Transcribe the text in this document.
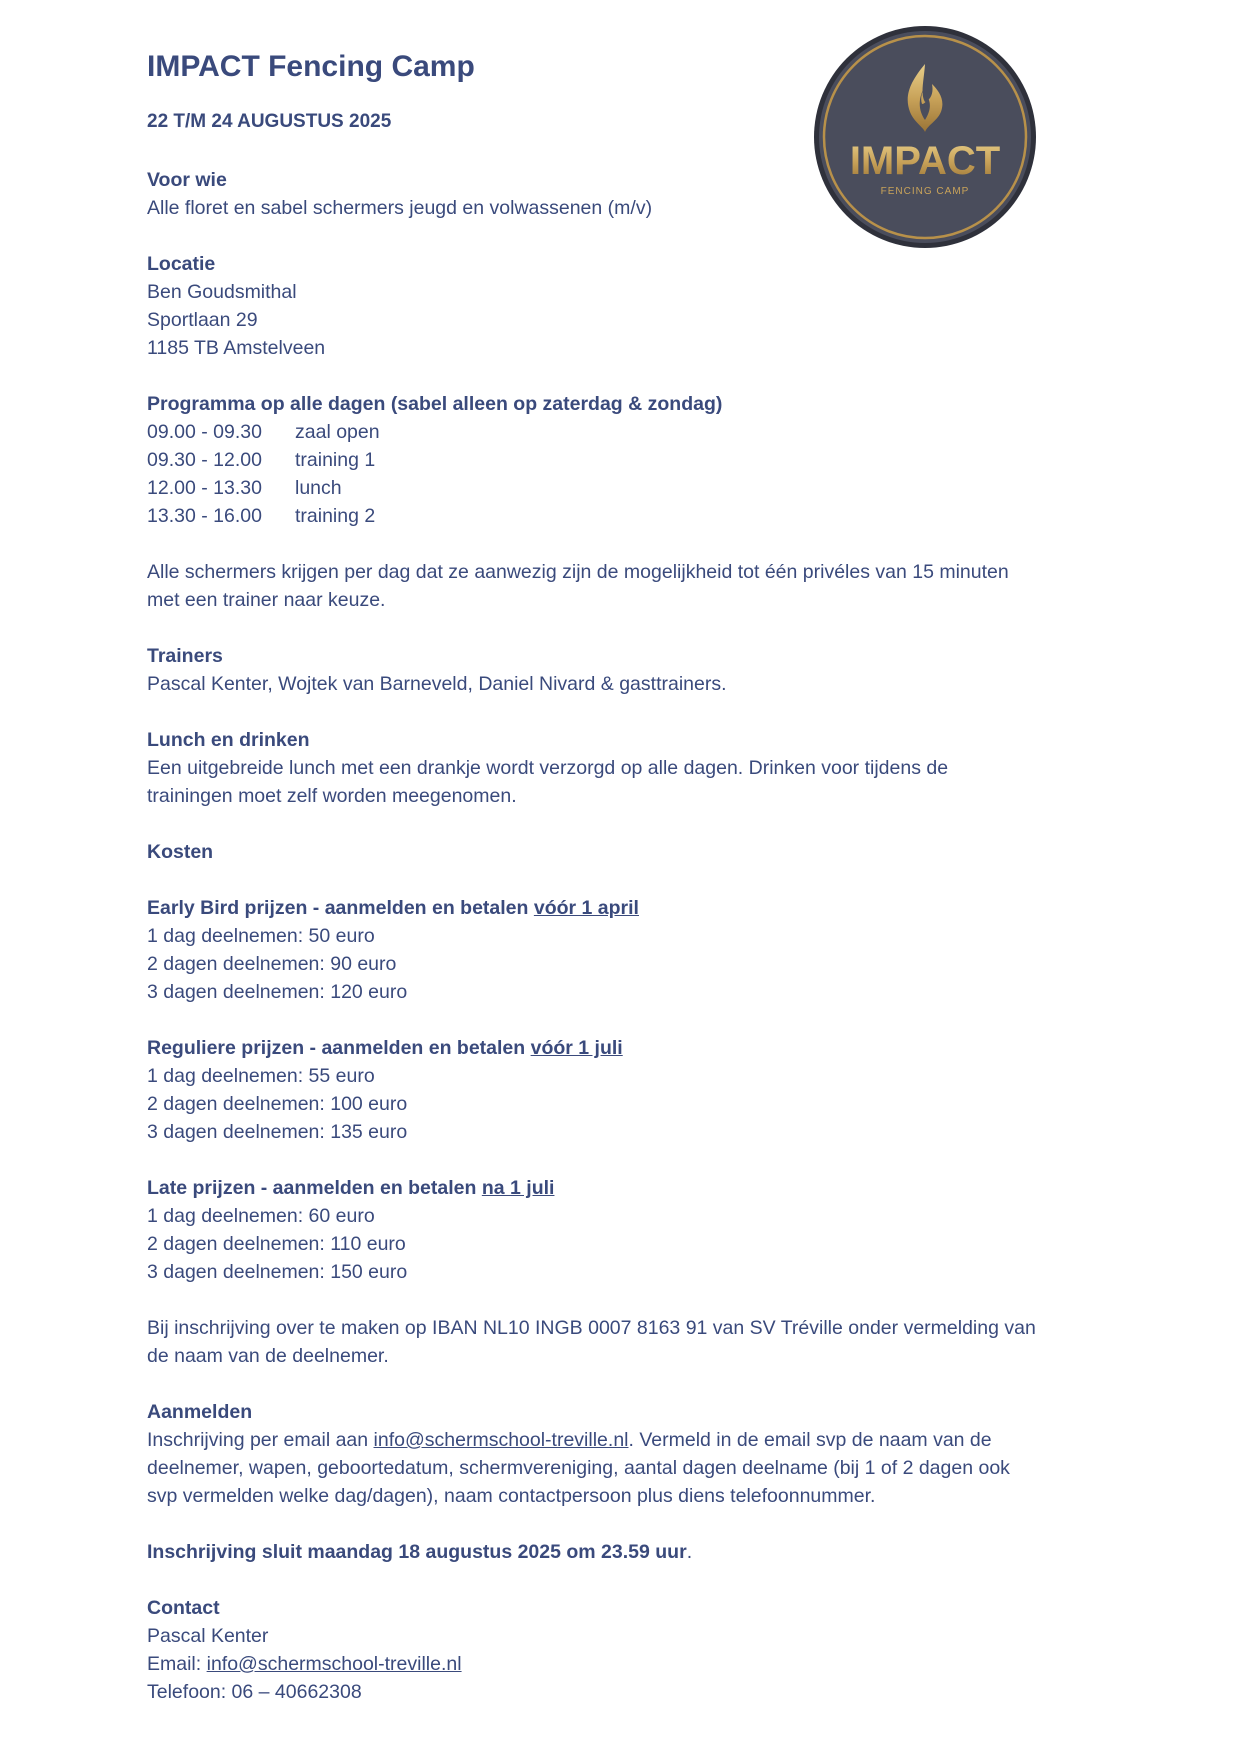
IMPACT Fencing Camp

22 T/M 24 AUGUSTUS 2025

Voor wie

Alle floret en sabel schermers jeugd en volwassenen (m/v)

Locatie

Ben Goudsmithal

Sportlaan 29

1185 TB Amstelveen

Programma op alle dagen (sabel alleen op zaterdag & zondag)

09.00 - 09.30	zaal open
09.30 - 12.00	training 1
12.00 - 13.30	lunch
13.30 - 16.00	training 2

Alle schermers krijgen per dag dat ze aanwezig zijn de mogelijkheid tot één privéles van 15 minuten

met een trainer naar keuze.

Trainers

Pascal Kenter, Wojtek van Barneveld, Daniel Nivard & gasttrainers.

Lunch en drinken

Een uitgebreide lunch met een drankje wordt verzorgd op alle dagen. Drinken voor tijdens de

trainingen moet zelf worden meegenomen.

Kosten

Early Bird prijzen - aanmelden en betalen vóór 1 april

1 dag deelnemen: 50 euro

2 dagen deelnemen: 90 euro

3 dagen deelnemen: 120 euro

Reguliere prijzen - aanmelden en betalen vóór 1 juli

1 dag deelnemen: 55 euro

2 dagen deelnemen: 100 euro

3 dagen deelnemen: 135 euro

Late prijzen - aanmelden en betalen na 1 juli

1 dag deelnemen: 60 euro

2 dagen deelnemen: 110 euro

3 dagen deelnemen: 150 euro

Bij inschrijving over te maken op IBAN NL10 INGB 0007 8163 91 van SV Tréville onder vermelding van

de naam van de deelnemer.

Aanmelden

Inschrijving per email aan info@schermschool-treville.nl. Vermeld in de email svp de naam van de

deelnemer, wapen, geboortedatum, schermvereniging, aantal dagen deelname (bij 1 of 2 dagen ook

svp vermelden welke dag/dagen), naam contactpersoon plus diens telefoonnummer.

Inschrijving sluit maandag 18 augustus 2025 om 23.59 uur.

Contact

Pascal Kenter

Email: info@schermschool-treville.nl

Telefoon: 06 – 40662308

IMPACT
FENCING CAMP
